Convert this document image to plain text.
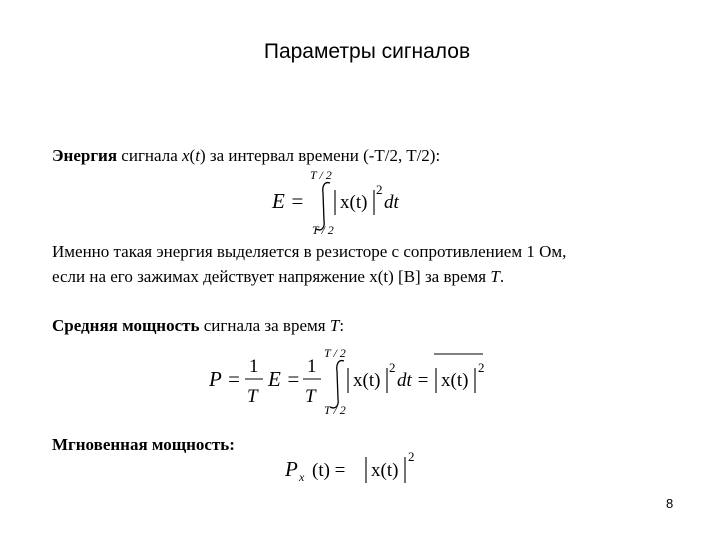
Параметры сигналов
Энергия сигнала x(t) за интервал времени (-T/2, T/2):
E =
T / 2
T / 2
x(t)
2
dt
Именно такая энергия выделяется в резисторе с сопротивлением 1 Ом,
если на его зажимах действует напряжение x(t) [В] за время T.
Средняя мощность сигнала за время T:
P =
1
T
E =
1
T
T / 2
T / 2
x(t)
2
dt = x(t)
2
Мгновенная мощность:
P x (t) = x(t)
2
8
